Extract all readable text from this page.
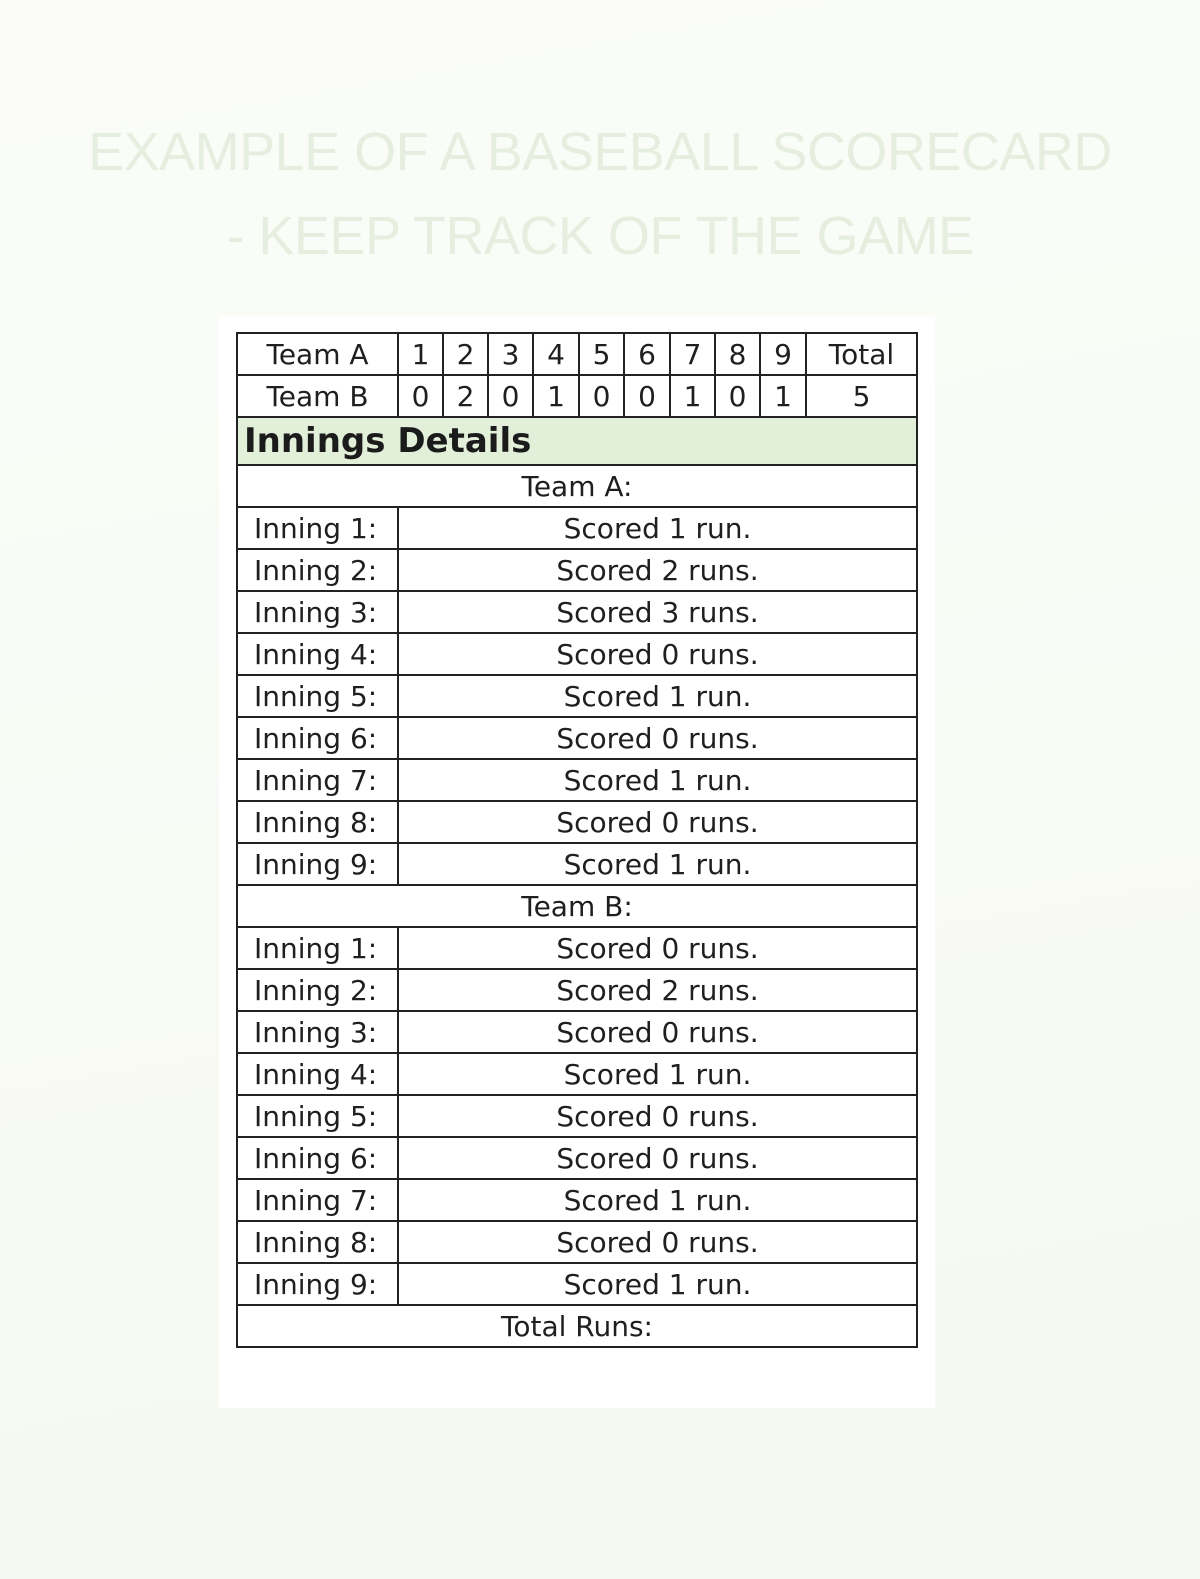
EXAMPLE OF A BASEBALL SCORECARD
- KEEP TRACK OF THE GAME
Team A	1	2	3	4	5	6	7	8	9	Total
Team B	0	2	0	1	0	0	1	0	1	5
Innings Details										
Team A:										
Inning 1:	Scored 1 run.									
Inning 2:	Scored 2 runs.									
Inning 3:	Scored 3 runs.									
Inning 4:	Scored 0 runs.									
Inning 5:	Scored 1 run.									
Inning 6:	Scored 0 runs.									
Inning 7:	Scored 1 run.									
Inning 8:	Scored 0 runs.									
Inning 9:	Scored 1 run.									
Team B:										
Inning 1:	Scored 0 runs.									
Inning 2:	Scored 2 runs.									
Inning 3:	Scored 0 runs.									
Inning 4:	Scored 1 run.									
Inning 5:	Scored 0 runs.									
Inning 6:	Scored 0 runs.									
Inning 7:	Scored 1 run.									
Inning 8:	Scored 0 runs.									
Inning 9:	Scored 1 run.									
Total Runs:										
